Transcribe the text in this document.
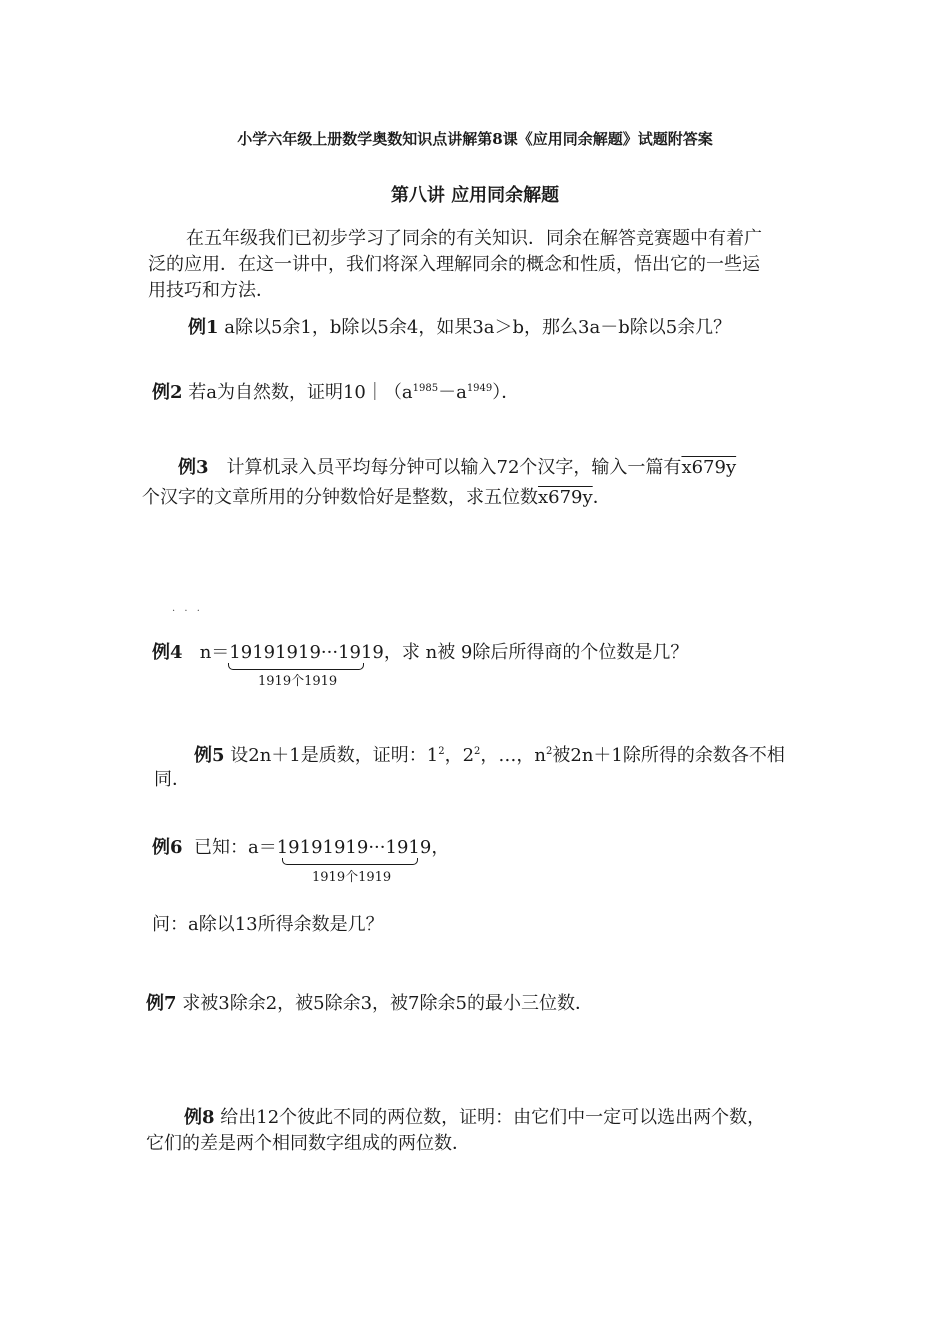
小学六年级上册数学奥数知识点讲解第8课《应用同余解题》试题附答案
第八讲 应用同余解题
在五年级我们已初步学习了同余的有关知识．同余在解答竞赛题中有着广
泛的应用．在这一讲中，我们将深入理解同余的概念和性质，悟出它的一些运
用技巧和方法．
例1 a除以5余1，b除以5余4，如果3a＞b，那么3a－b除以5余几？
例2 若a为自然数，证明$10|(a^{1985}-a^{1949})$．
例3　计算机录入员平均每分钟可以输入72个汉字，输入一篇有x679y
个汉字的文章所用的分钟数恰好是整数，求五位数x679y．
· · ·
例4 n＝19191919···1919，求 n被 9除后所得商的个位数是几？
1919个1919
例5 设2n＋1是质数，证明：$1^2$，$2^2$，…，$n^2$被2n＋1除所得的余数各不相
同．
例6 已知：a＝19191919···1919，
1919个1919
问：a除以13所得余数是几？
例7 求被3除余2，被5除余3，被7除余5的最小三位数．
例8 给出12个彼此不同的两位数，证明：由它们中一定可以选出两个数，
它们的差是两个相同数字组成的两位数．
